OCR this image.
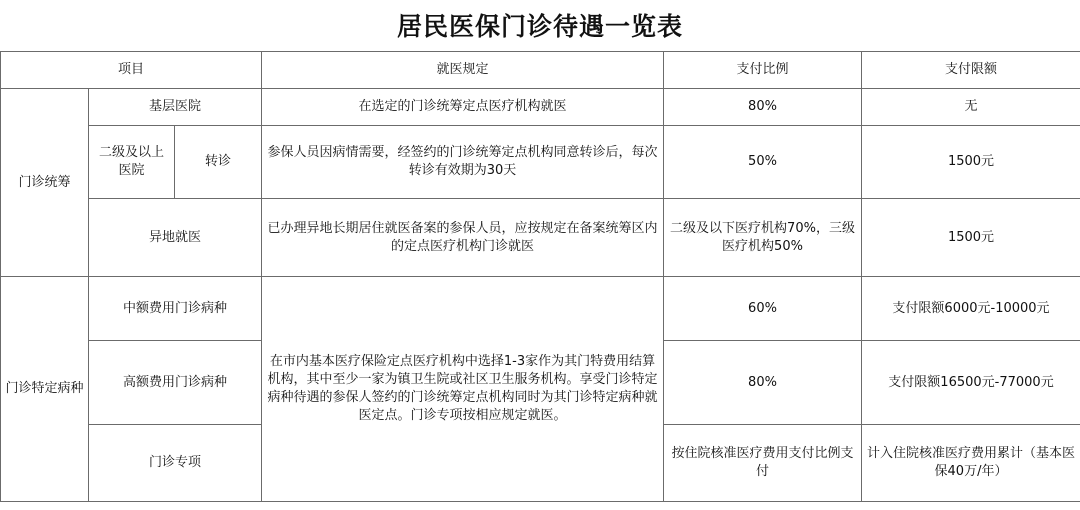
居民医保门诊待遇一览表
项目			就医规定	支付比例	支付限额
门诊统筹	基层医院		在选定的门诊统筹定点医疗机构就医	80%	无
	二级及以上医院	转诊	参保人员因病情需要，经签约的门诊统筹定点机构同意转诊后，每次转诊有效期为30天	50%	1500元
	异地就医		已办理异地长期居住就医备案的参保人员，应按规定在备案统筹区内的定点医疗机构门诊就医	二级及以下医疗机构70%，三级医疗机构50%	1500元
门诊特定病种	中额费用门诊病种		在市内基本医疗保险定点医疗机构中选择1-3家作为其门特费用结算机构，其中至少一家为镇卫生院或社区卫生服务机构。享受门诊特定病种待遇的参保人签约的门诊统筹定点机构同时为其门诊特定病种就医定点。门诊专项按相应规定就医。	60%	支付限额6000元-10000元
	高额费用门诊病种			80%	支付限额16500元-77000元
	门诊专项			按住院核准医疗费用支付比例支付	计入住院核准医疗费用累计（基本医保40万/年）
